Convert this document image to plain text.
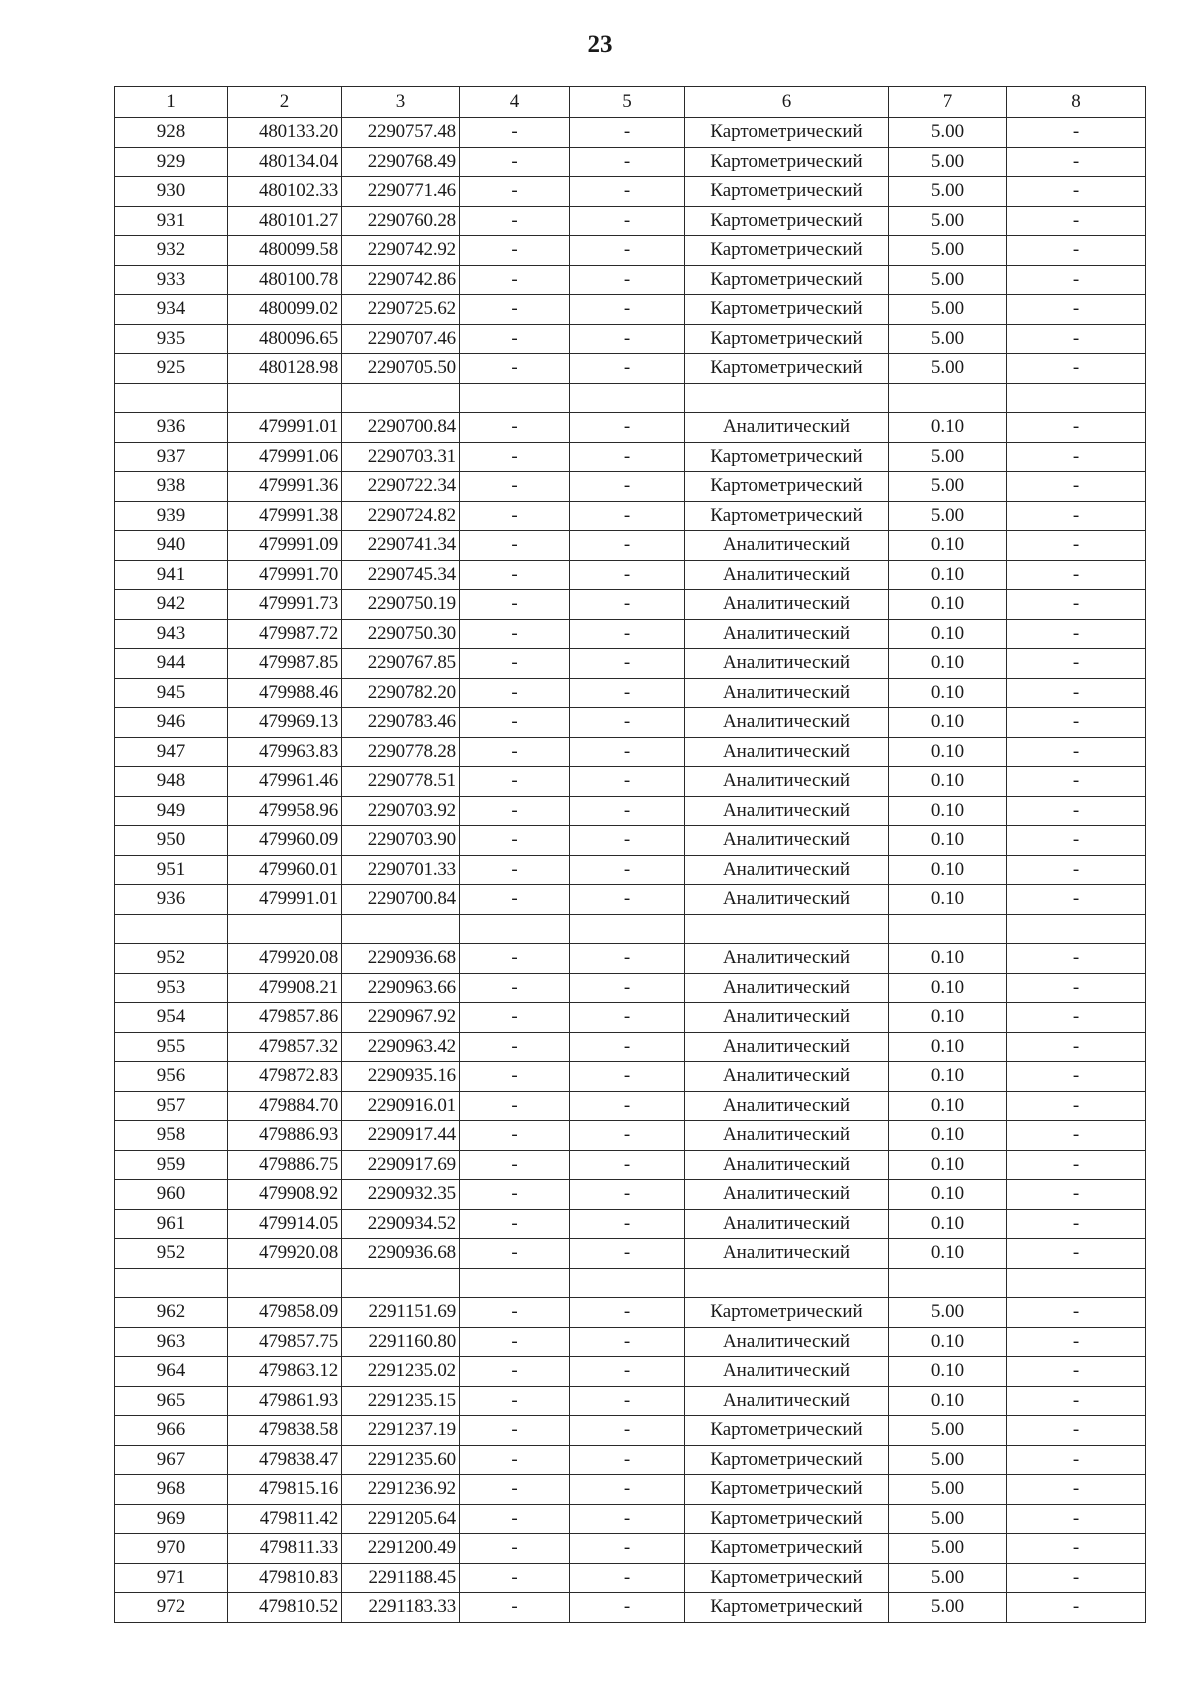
23
1	2	3	4	5	6	7	8
928	480133.20	2290757.48	-	-	Картометрический	5.00	-
929	480134.04	2290768.49	-	-	Картометрический	5.00	-
930	480102.33	2290771.46	-	-	Картометрический	5.00	-
931	480101.27	2290760.28	-	-	Картометрический	5.00	-
932	480099.58	2290742.92	-	-	Картометрический	5.00	-
933	480100.78	2290742.86	-	-	Картометрический	5.00	-
934	480099.02	2290725.62	-	-	Картометрический	5.00	-
935	480096.65	2290707.46	-	-	Картометрический	5.00	-
925	480128.98	2290705.50	-	-	Картометрический	5.00	-

936	479991.01	2290700.84	-	-	Аналитический	0.10	-
937	479991.06	2290703.31	-	-	Картометрический	5.00	-
938	479991.36	2290722.34	-	-	Картометрический	5.00	-
939	479991.38	2290724.82	-	-	Картометрический	5.00	-
940	479991.09	2290741.34	-	-	Аналитический	0.10	-
941	479991.70	2290745.34	-	-	Аналитический	0.10	-
942	479991.73	2290750.19	-	-	Аналитический	0.10	-
943	479987.72	2290750.30	-	-	Аналитический	0.10	-
944	479987.85	2290767.85	-	-	Аналитический	0.10	-
945	479988.46	2290782.20	-	-	Аналитический	0.10	-
946	479969.13	2290783.46	-	-	Аналитический	0.10	-
947	479963.83	2290778.28	-	-	Аналитический	0.10	-
948	479961.46	2290778.51	-	-	Аналитический	0.10	-
949	479958.96	2290703.92	-	-	Аналитический	0.10	-
950	479960.09	2290703.90	-	-	Аналитический	0.10	-
951	479960.01	2290701.33	-	-	Аналитический	0.10	-
936	479991.01	2290700.84	-	-	Аналитический	0.10	-

952	479920.08	2290936.68	-	-	Аналитический	0.10	-
953	479908.21	2290963.66	-	-	Аналитический	0.10	-
954	479857.86	2290967.92	-	-	Аналитический	0.10	-
955	479857.32	2290963.42	-	-	Аналитический	0.10	-
956	479872.83	2290935.16	-	-	Аналитический	0.10	-
957	479884.70	2290916.01	-	-	Аналитический	0.10	-
958	479886.93	2290917.44	-	-	Аналитический	0.10	-
959	479886.75	2290917.69	-	-	Аналитический	0.10	-
960	479908.92	2290932.35	-	-	Аналитический	0.10	-
961	479914.05	2290934.52	-	-	Аналитический	0.10	-
952	479920.08	2290936.68	-	-	Аналитический	0.10	-

962	479858.09	2291151.69	-	-	Картометрический	5.00	-
963	479857.75	2291160.80	-	-	Аналитический	0.10	-
964	479863.12	2291235.02	-	-	Аналитический	0.10	-
965	479861.93	2291235.15	-	-	Аналитический	0.10	-
966	479838.58	2291237.19	-	-	Картометрический	5.00	-
967	479838.47	2291235.60	-	-	Картометрический	5.00	-
968	479815.16	2291236.92	-	-	Картометрический	5.00	-
969	479811.42	2291205.64	-	-	Картометрический	5.00	-
970	479811.33	2291200.49	-	-	Картометрический	5.00	-
971	479810.83	2291188.45	-	-	Картометрический	5.00	-
972	479810.52	2291183.33	-	-	Картометрический	5.00	-
